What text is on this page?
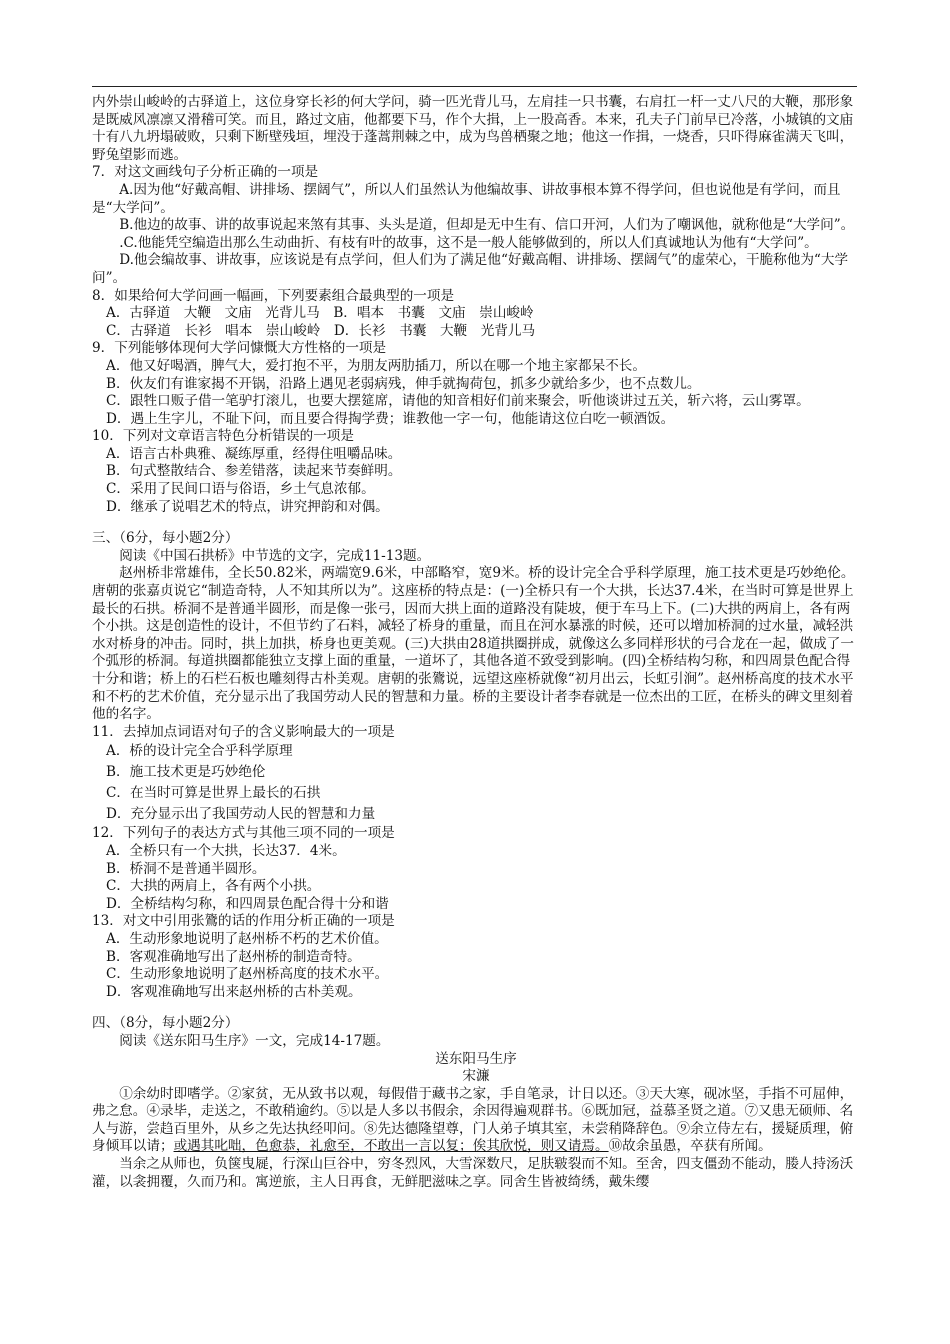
内外崇山峻岭的古驿道上，这位身穿长衫的何大学问，骑一匹光背儿马，左肩挂一只书囊，右肩扛一杆一丈八尺的大鞭，那形象是既威风凛凛又滑稽可笑。而且，路过文庙，他都要下马，作个大揖，上一股高香。本来，孔夫子门前早已冷落，小城镇的文庙十有八九坍塌破败，只剩下断壁残垣，埋没于蓬蒿荆棘之中，成为鸟兽栖聚之地；他这一作揖，一烧香，只吓得麻雀满天飞叫，野兔望影而逃。

7．对这文画线句子分析正确的一项是

A.因为他“好戴高帽、讲排场、摆阔气”，所以人们虽然认为他编故事、讲故事根本算不得学问，但也说他是有学问，而且是“大学问”。

B.他边的故事、讲的故事说起来煞有其事、头头是道，但却是无中生有、信口开河，人们为了嘲讽他，就称他是“大学问”。

.C.他能凭空编造出那么生动曲折、有枝有叶的故事，这不是一般人能够做到的，所以人们真诚地认为他有“大学问”。

D.他会编故事、讲故事，应该说是有点学问，但人们为了满足他“好戴高帽、讲排场、摆阔气”的虚荣心，干脆称他为“大学问”。

8．如果给何大学问画一幅画，下列要素组合最典型的一项是

A．古驿道　大鞭　文庙　光背儿马　B．唱本　书囊　文庙　崇山峻岭

C．古驿道　长衫　唱本　崇山峻岭　D．长衫　书囊　大鞭　光背儿马

9．下列能够体现何大学问慷慨大方性格的一项是

A．他又好喝酒，脾气大，爱打抱不平，为朋友两肋插刀，所以在哪一个地主家都呆不长。

B．伙友们有谁家揭不开锅，沿路上遇见老弱病残，伸手就掏荷包，抓多少就给多少，也不点数儿。

C．跟牲口贩子借一笔驴打滚儿，也要大摆筵席，请他的知音相好们前来聚会，听他谈讲过五关，斩六将，云山雾罩。

D．遇上生字儿，不耻下问，而且要合得掏学费；谁教他一字一句，他能请这位白吃一顿酒饭。

10．下列对文章语言特色分析错误的一项是

A．语言古朴典雅、凝练厚重，经得住咀嚼品味。

B．句式整散结合、参差错落，读起来节奏鲜明。

C．采用了民间口语与俗语，乡土气息浓郁。

D．继承了说唱艺术的特点，讲究押韵和对偶。

三、（6分，每小题2分）

阅读《中国石拱桥》中节选的文字，完成11-13题。

赵州桥非常雄伟，全长50.82米，两端宽9.6米，中部略窄，宽9米。桥的设计完全合乎科学原理，施工技术更是巧妙绝伦。唐朝的张嘉贞说它“制造奇特，人不知其所以为”。这座桥的特点是：(一)全桥只有一个大拱，长达37.4米，在当时可算是世界上最长的石拱。桥洞不是普通半圆形，而是像一张弓，因而大拱上面的道路没有陡坡，便于车马上下。(二)大拱的两肩上，各有两个小拱。这是创造性的设计，不但节约了石料，减轻了桥身的重量，而且在河水暴涨的时候，还可以增加桥洞的过水量，减轻洪水对桥身的冲击。同时，拱上加拱，桥身也更美观。(三)大拱由28道拱圈拼成，就像这么多同样形状的弓合龙在一起，做成了一个弧形的桥洞。每道拱圈都能独立支撑上面的重量，一道坏了，其他各道不致受到影响。(四)全桥结构匀称，和四周景色配合得十分和谐；桥上的石栏石板也雕刻得古朴美观。唐朝的张鷟说，远望这座桥就像“初月出云，长虹引涧”。赵州桥高度的技术水平和不朽的艺术价值，充分显示出了我国劳动人民的智慧和力量。桥的主要设计者李春就是一位杰出的工匠，在桥头的碑文里刻着他的名字。

11．去掉加点词语对句子的含义影响最大的一项是

A．桥的设计完全合乎科学原理

B．施工技术更是巧妙绝伦

C．在当时可算是世界上最长的石拱

D．充分显示出了我国劳动人民的智慧和力量

12．下列句子的表达方式与其他三项不同的一项是

A．全桥只有一个大拱，长达37．4米。

B．桥洞不是普通半圆形。

C．大拱的两肩上，各有两个小拱。

D．全桥结构匀称，和四周景色配合得十分和谐

13．对文中引用张鷟的话的作用分析正确的一项是

A．生动形象地说明了赵州桥不朽的艺术价值。

B．客观准确地写出了赵州桥的制造奇特。

C．生动形象地说明了赵州桥高度的技术水平。

D．客观准确地写出来赵州桥的古朴美观。

四、（8分，每小题2分）

阅读《送东阳马生序》一文，完成14-17题。

送东阳马生序

宋濂

①余幼时即嗜学。②家贫，无从致书以观，每假借于藏书之家，手自笔录，计日以还。③天大寒，砚冰坚，手指不可屈伸，弗之怠。④录毕，走送之，不敢稍逾约。⑤以是人多以书假余，余因得遍观群书。⑥既加冠，益慕圣贤之道。⑦又患无硕师、名人与游，尝趋百里外，从乡之先达执经叩问。⑧先达德隆望尊，门人弟子填其室，未尝稍降辞色。⑨余立侍左右，援疑质理，俯身倾耳以请；或遇其叱咄，色愈恭，礼愈至，不敢出一言以复；俟其欣悦，则又请焉。⑩故余虽愚，卒获有所闻。

当余之从师也，负箧曳屣，行深山巨谷中，穷冬烈风，大雪深数尺，足肤皲裂而不知。至舍，四支僵劲不能动，媵人持汤沃灌，以衾拥覆，久而乃和。寓逆旅，主人日再食，无鲜肥滋味之享。同舍生皆被绮绣，戴朱缨
